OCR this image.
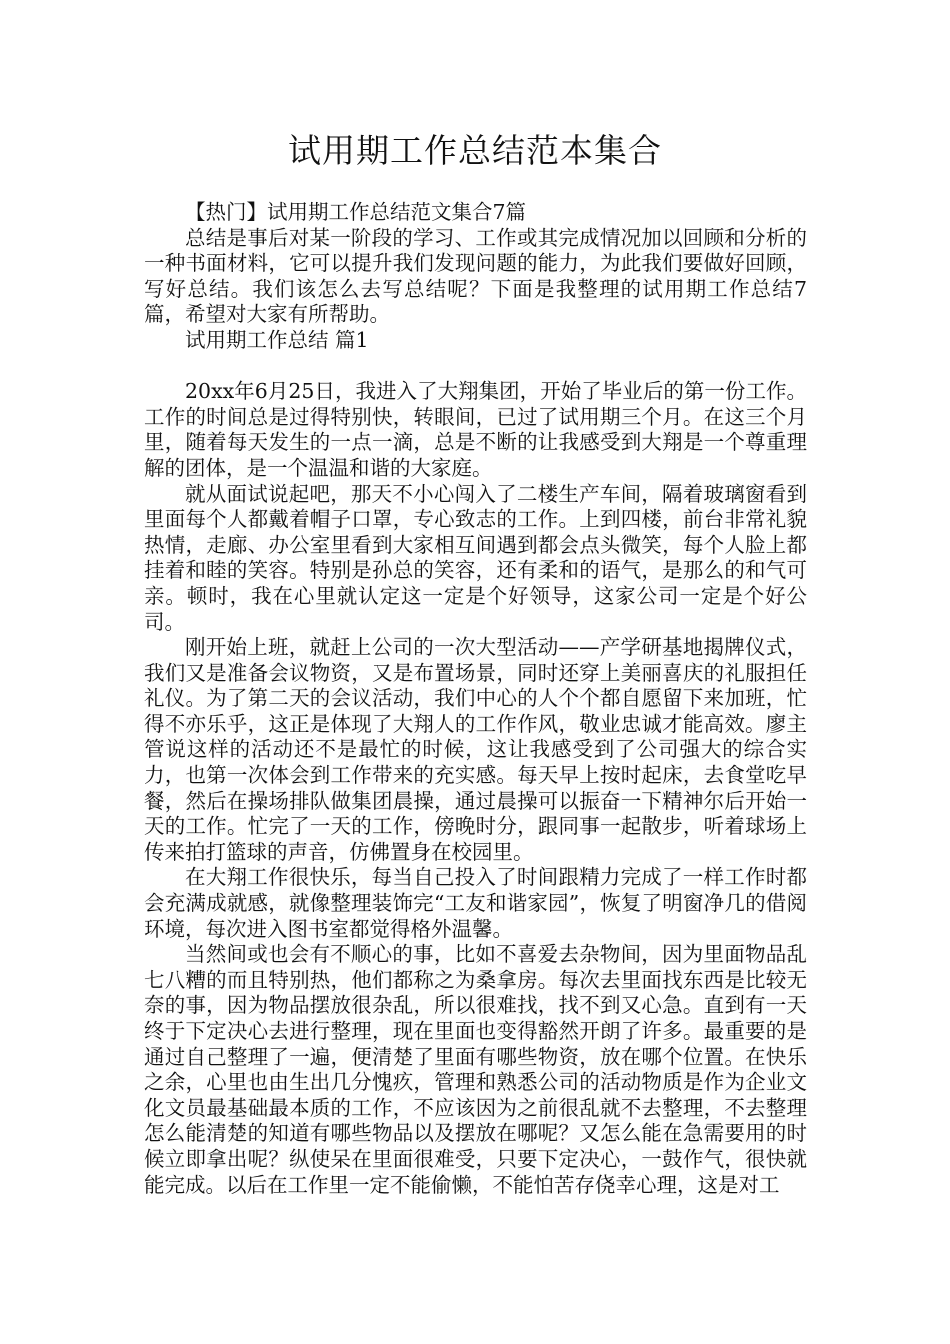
试用期工作总结范本集合

【热门】试用期工作总结范文集合7篇

总结是事后对某一阶段的学习、工作或其完成情况加以回顾和分析的一种书面材料，它可以提升我们发现问题的能力，为此我们要做好回顾，写好总结。我们该怎么去写总结呢？下面是我整理的试用期工作总结7篇，希望对大家有所帮助。

试用期工作总结 篇1

20xx年6月25日，我进入了大翔集团，开始了毕业后的第一份工作。工作的时间总是过得特别快，转眼间，已过了试用期三个月。在这三个月里，随着每天发生的一点一滴，总是不断的让我感受到大翔是一个尊重理解的团体，是一个温温和谐的大家庭。

就从面试说起吧，那天不小心闯入了二楼生产车间，隔着玻璃窗看到里面每个人都戴着帽子口罩，专心致志的工作。上到四楼，前台非常礼貌热情，走廊、办公室里看到大家相互间遇到都会点头微笑，每个人脸上都挂着和睦的笑容。特别是孙总的笑容，还有柔和的语气，是那么的和气可亲。顿时，我在心里就认定这一定是个好领导，这家公司一定是个好公司。

刚开始上班，就赶上公司的一次大型活动——产学研基地揭牌仪式，我们又是准备会议物资，又是布置场景，同时还穿上美丽喜庆的礼服担任礼仪。为了第二天的会议活动，我们中心的人个个都自愿留下来加班，忙得不亦乐乎，这正是体现了大翔人的工作作风，敬业忠诚才能高效。廖主管说这样的活动还不是最忙的时候，这让我感受到了公司强大的综合实力，也第一次体会到工作带来的充实感。每天早上按时起床，去食堂吃早餐，然后在操场排队做集团晨操，通过晨操可以振奋一下精神尔后开始一天的工作。忙完了一天的工作，傍晚时分，跟同事一起散步，听着球场上传来拍打篮球的声音，仿佛置身在校园里。

在大翔工作很快乐，每当自己投入了时间跟精力完成了一样工作时都会充满成就感，就像整理装饰完“工友和谐家园”，恢复了明窗净几的借阅环境，每次进入图书室都觉得格外温馨。

当然间或也会有不顺心的事，比如不喜爱去杂物间，因为里面物品乱七八糟的而且特别热，他们都称之为桑拿房。每次去里面找东西是比较无奈的事，因为物品摆放很杂乱，所以很难找，找不到又心急。直到有一天终于下定决心去进行整理，现在里面也变得豁然开朗了许多。最重要的是通过自己整理了一遍，便清楚了里面有哪些物资，放在哪个位置。在快乐之余，心里也由生出几分愧疚，管理和熟悉公司的活动物质是作为企业文化文员最基础最本质的工作，不应该因为之前很乱就不去整理，不去整理怎么能清楚的知道有哪些物品以及摆放在哪呢？又怎么能在急需要用的时候立即拿出呢？纵使呆在里面很难受，只要下定决心，一鼓作气，很快就能完成。以后在工作里一定不能偷懒，不能怕苦存侥幸心理，这是对工
